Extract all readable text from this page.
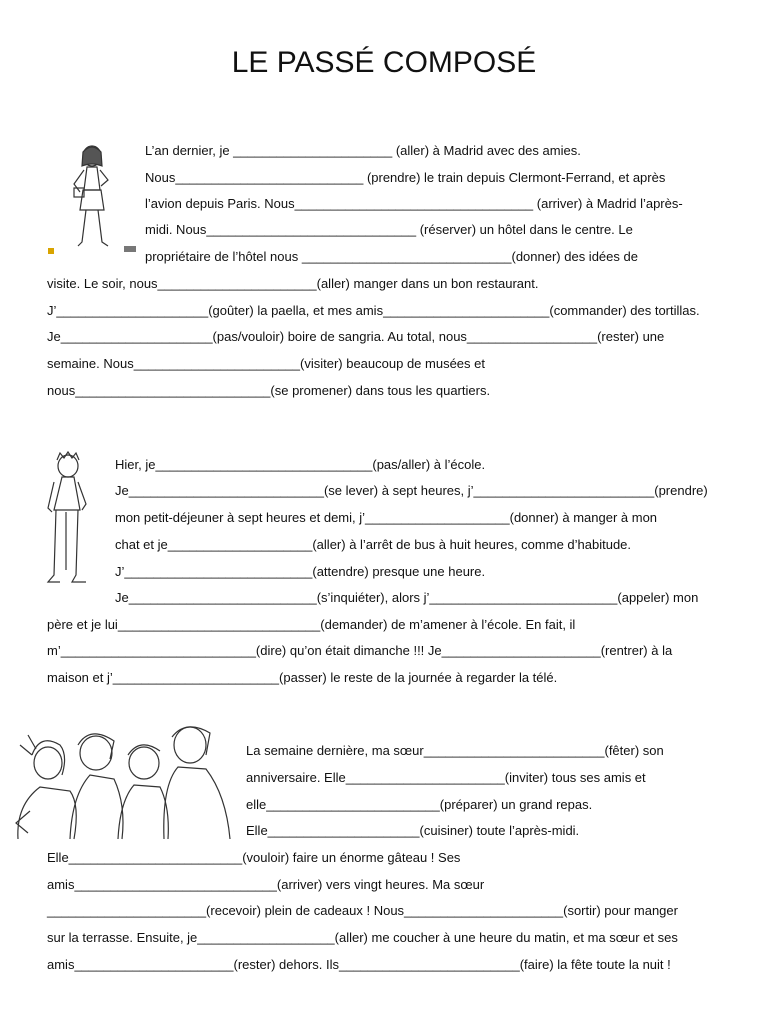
LE PASSÉ COMPOSÉ
L’an dernier, je ______________________ (aller) à Madrid avec des amies.
Nous__________________________ (prendre) le train depuis Clermont-Ferrand, et après
l’avion depuis Paris. Nous_________________________________ (arriver) à Madrid l’après-
midi. Nous_____________________________ (réserver) un hôtel dans le centre. Le
propriétaire de l’hôtel nous _____________________________(donner) des idées de
visite. Le soir, nous______________________(aller) manger dans un bon restaurant.
J’_____________________(goûter) la paella, et mes amis_______________________(commander) des tortillas.
Je_____________________(pas/vouloir) boire de sangria. Au total, nous__________________(rester) une
semaine. Nous_______________________(visiter) beaucoup de musées et
nous___________________________(se promener) dans tous les quartiers.
Hier, je______________________________(pas/aller) à l’école.
Je___________________________(se lever) à sept heures, j’_________________________(prendre)
mon petit-déjeuner à sept heures et demi, j’____________________(donner) à manger à mon
chat et je____________________(aller) à l’arrêt de bus à huit heures, comme d’habitude.
J’__________________________(attendre) presque une heure.
Je__________________________(s’inquiéter), alors j’__________________________(appeler) mon
père et je lui____________________________(demander) de m’amener à l’école. En fait, il
m’___________________________(dire) qu’on était dimanche !!! Je______________________(rentrer) à la
maison et j’_______________________(passer) le reste de la journée à regarder la télé.
La semaine dernière, ma sœur_________________________(fêter) son
anniversaire. Elle______________________(inviter) tous ses amis et
elle________________________(préparer) un grand repas.
Elle_____________________(cuisiner) toute l’après-midi.
Elle________________________(vouloir) faire un énorme gâteau ! Ses
amis____________________________(arriver) vers vingt heures. Ma sœur
______________________(recevoir) plein de cadeaux ! Nous______________________(sortir) pour manger
sur la terrasse. Ensuite, je___________________(aller) me coucher à une heure du matin, et ma sœur et ses
amis______________________(rester) dehors. Ils_________________________(faire) la fête toute la nuit !
